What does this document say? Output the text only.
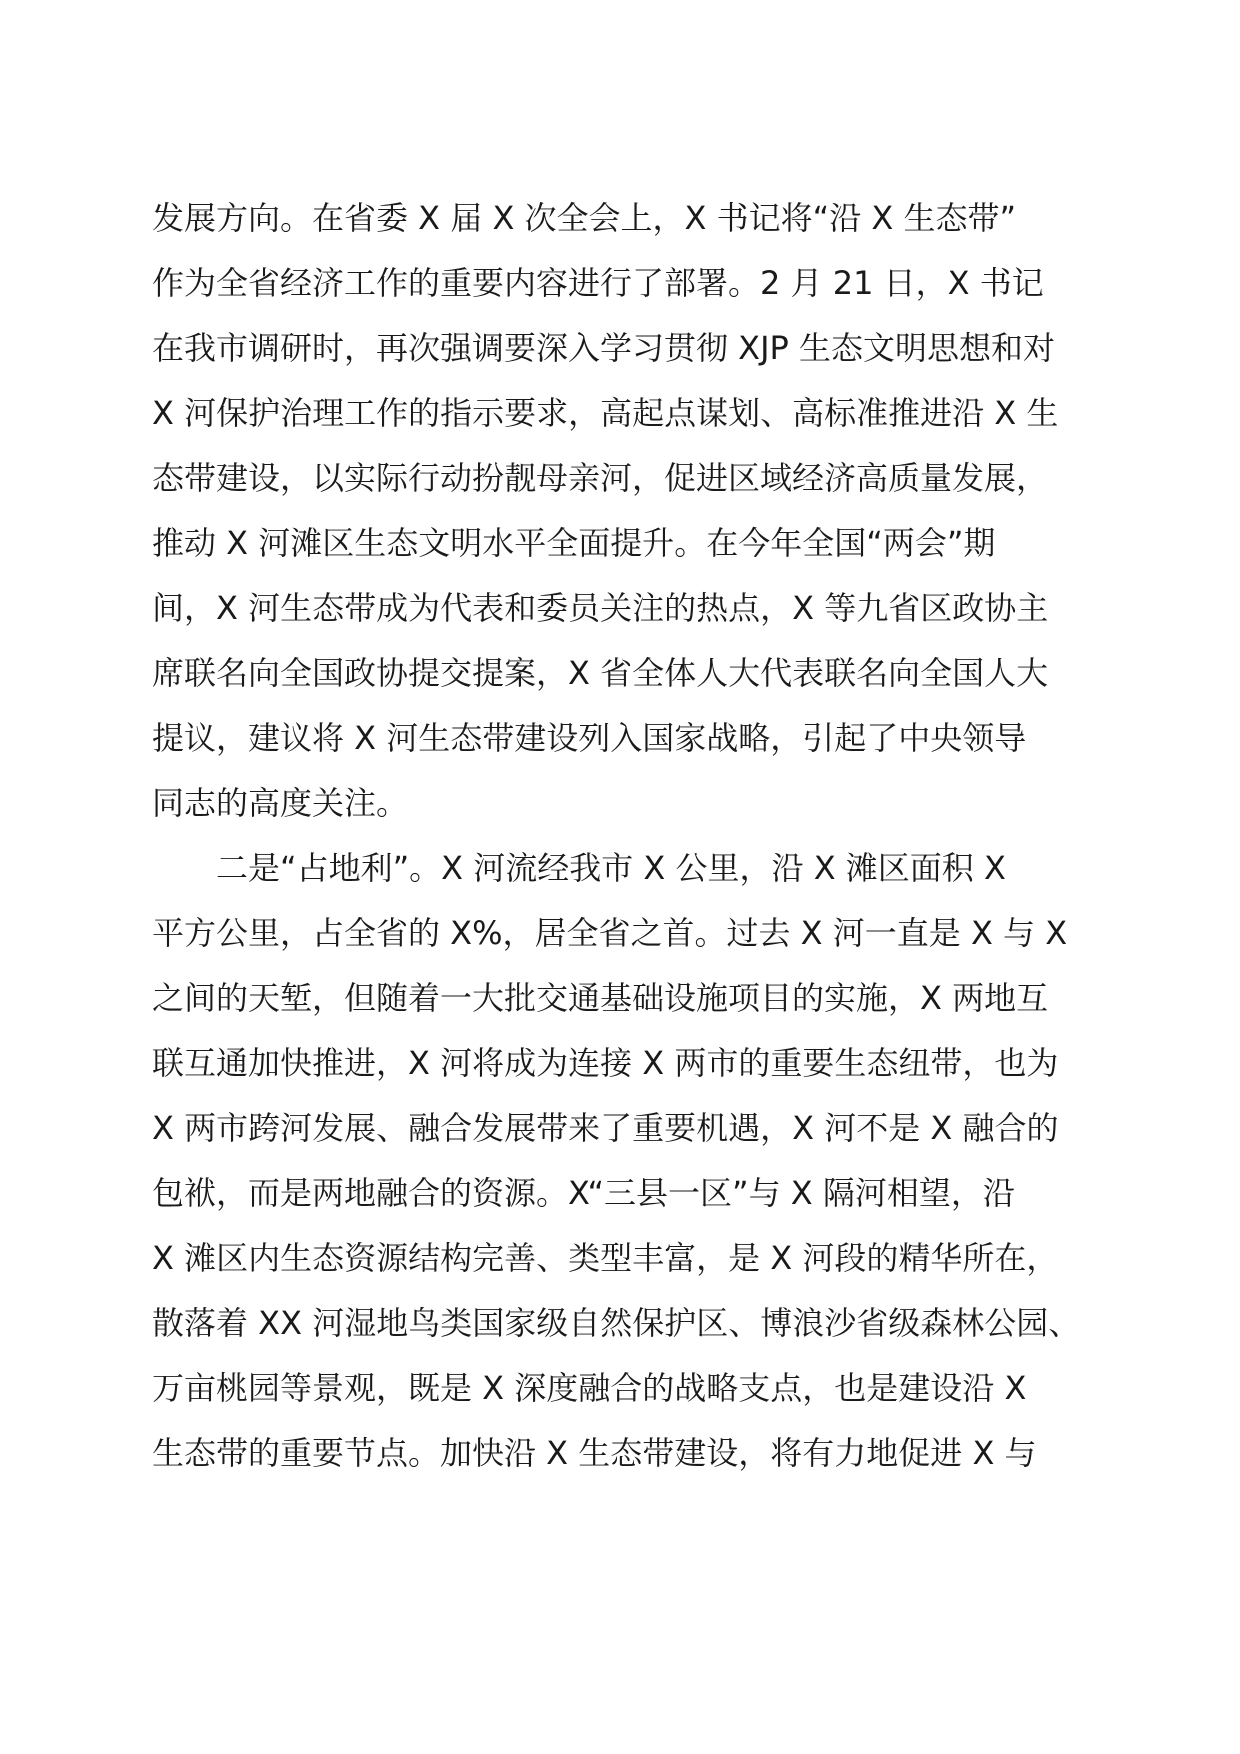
发展方向。在省委 X 届 X 次全会上，X 书记将“沿 X 生态带”
作为全省经济工作的重要内容进行了部署。2 月 21 日，X 书记
在我市调研时，再次强调要深入学习贯彻 XJP 生态文明思想和对
X 河保护治理工作的指示要求，高起点谋划、高标准推进沿 X 生
态带建设，以实际行动扮靓母亲河，促进区域经济高质量发展，
推动 X 河滩区生态文明水平全面提升。在今年全国“两会”期
间，X 河生态带成为代表和委员关注的热点，X 等九省区政协主
席联名向全国政协提交提案，X 省全体人大代表联名向全国人大
提议，建议将 X 河生态带建设列入国家战略，引起了中央领导
同志的高度关注。
二是“占地利”。X 河流经我市 X 公里，沿 X 滩区面积 X
平方公里，占全省的 X%，居全省之首。过去 X 河一直是 X 与 X
之间的天堑，但随着一大批交通基础设施项目的实施，X 两地互
联互通加快推进，X 河将成为连接 X 两市的重要生态纽带，也为
X 两市跨河发展、融合发展带来了重要机遇，X 河不是 X 融合的
包袱，而是两地融合的资源。X“三县一区”与 X 隔河相望，沿
X 滩区内生态资源结构完善、类型丰富，是 X 河段的精华所在，
散落着 XX 河湿地鸟类国家级自然保护区、博浪沙省级森林公园、
万亩桃园等景观，既是 X 深度融合的战略支点，也是建设沿 X
生态带的重要节点。加快沿 X 生态带建设，将有力地促进 X 与
